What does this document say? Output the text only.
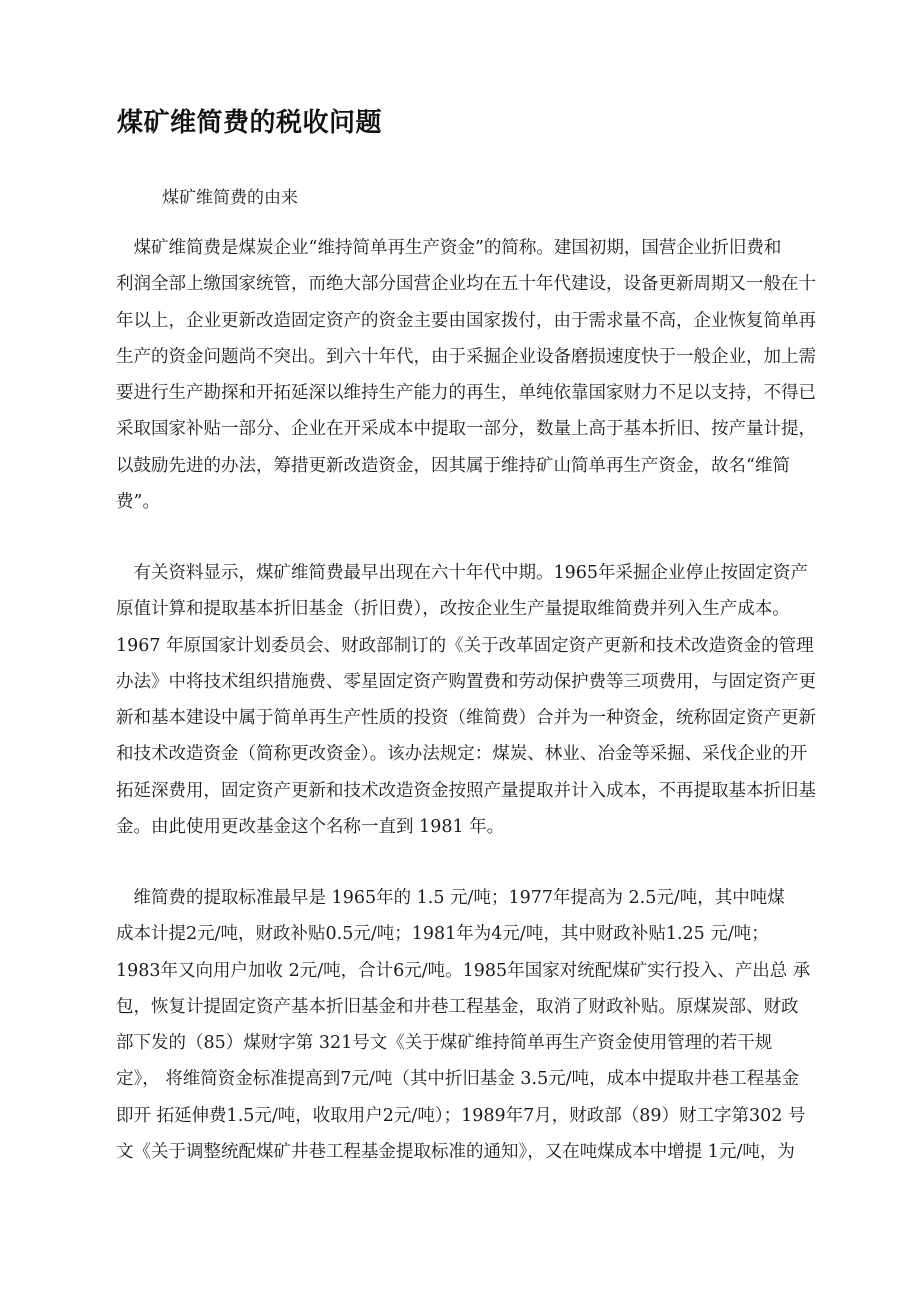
煤矿维简费的税收问题
煤矿维简费的由来
　煤矿维简费是煤炭企业“维持简单再生产资金”的简称。建国初期，国营企业折旧费和
利润全部上缴国家统管，而绝大部分国营企业均在五十年代建设，设备更新周期又一般在十
年以上，企业更新改造固定资产的资金主要由国家拨付，由于需求量不高，企业恢复简单再
生产的资金问题尚不突出。到六十年代，由于采掘企业设备磨损速度快于一般企业，加上需
要进行生产勘探和开拓延深以维持生产能力的再生，单纯依靠国家财力不足以支持，不得已
采取国家补贴一部分、企业在开采成本中提取一部分，数量上高于基本折旧、按产量计提，
以鼓励先进的办法，筹措更新改造资金，因其属于维持矿山简单再生产资金，故名“维简
费”。
　有关资料显示，煤矿维简费最早出现在六十年代中期。1965年采掘企业停止按固定资产
原值计算和提取基本折旧基金（折旧费），改按企业生产量提取维简费并列入生产成本。
1967 年原国家计划委员会、财政部制订的《关于改革固定资产更新和技术改造资金的管理
办法》中将技术组织措施费、零星固定资产购置费和劳动保护费等三项费用，与固定资产更
新和基本建设中属于简单再生产性质的投资（维简费）合并为一种资金，统称固定资产更新
和技术改造资金（简称更改资金）。该办法规定：煤炭、林业、冶金等采掘、采伐企业的开
拓延深费用，固定资产更新和技术改造资金按照产量提取并计入成本，不再提取基本折旧基
金。由此使用更改基金这个名称一直到 1981 年。
　维简费的提取标准最早是 1965年的 1.5 元/吨；1977年提高为 2.5元/吨，其中吨煤
成本计提2元/吨，财政补贴0.5元/吨；1981年为4元/吨，其中财政补贴1.25 元/吨；
1983年又向用户加收 2元/吨，合计6元/吨。1985年国家对统配煤矿实行投入、产出总 承
包，恢复计提固定资产基本折旧基金和井巷工程基金，取消了财政补贴。原煤炭部、财政
部下发的（85）煤财字第 321号文《关于煤矿维持简单再生产资金使用管理的若干规
定》， 将维简资金标准提高到7元/吨（其中折旧基金 3.5元/吨，成本中提取井巷工程基金
即开 拓延伸费1.5元/吨，收取用户2元/吨）；1989年7月，财政部（89）财工字第302 号
文《关于调整统配煤矿井巷工程基金提取标准的通知》，又在吨煤成本中增提 1元/吨，为
